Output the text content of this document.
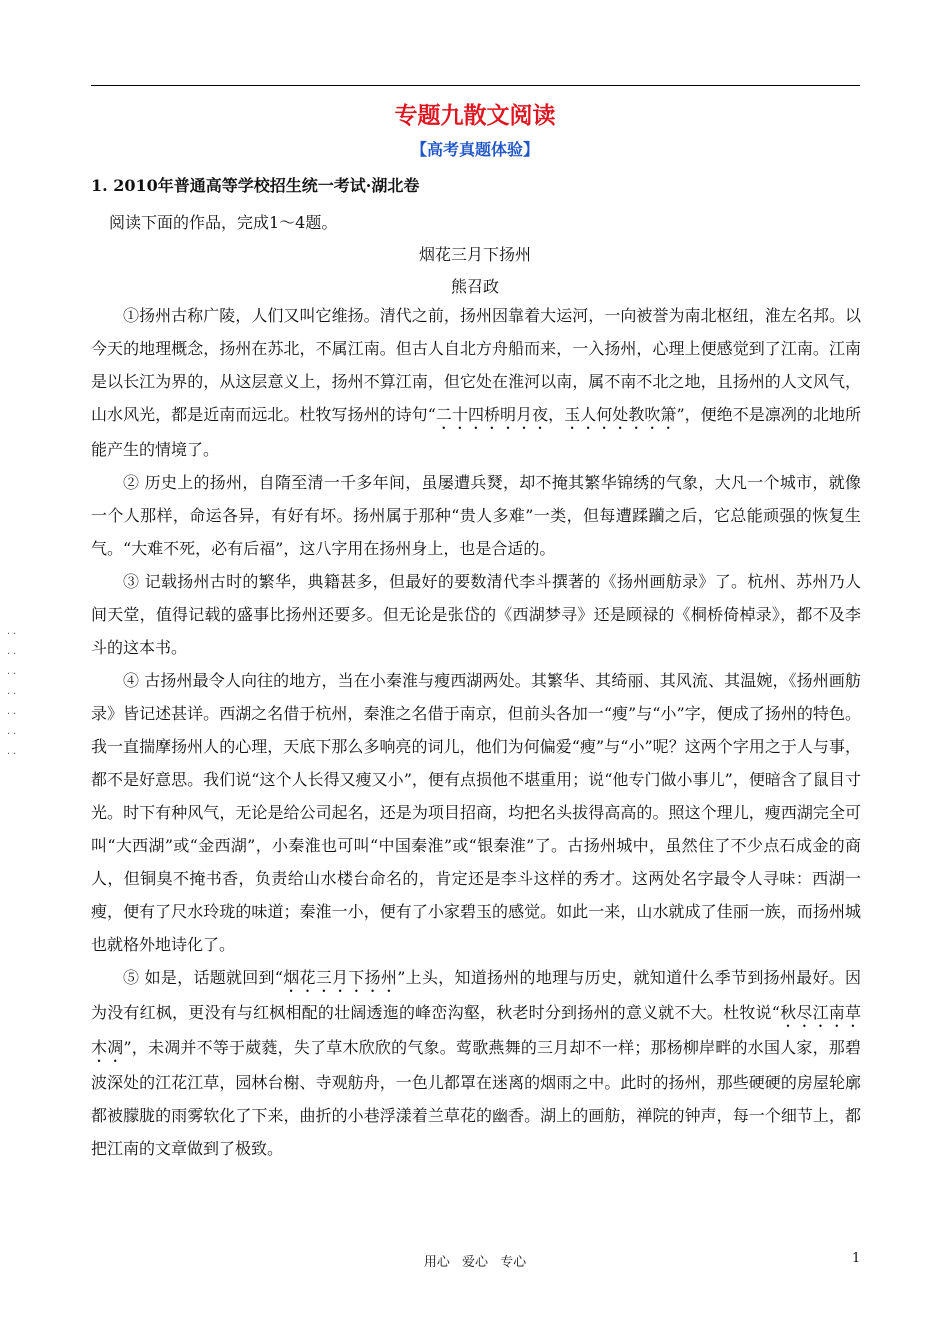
专题九散文阅读
【高考真题体验】
1. 2010年普通高等学校招生统一考试·湖北卷
阅读下面的作品，完成1～4题。
烟花三月下扬州
熊召政
··
··
··
··
··
··
··

①扬州古称广陵，人们又叫它维扬。清代之前，扬州因靠着大运河，一向被誉为南北枢纽，淮左名邦。以今天的地理概念，扬州在苏北，不属江南。但古人自北方舟船而来，一入扬州，心理上便感觉到了江南。江南是以长江为界的，从这层意义上，扬州不算江南，但它处在淮河以南，属不南不北之地，且扬州的人文风气，山水风光，都是近南而远北。杜牧写扬州的诗句“二十四桥明月夜，玉人何处教吹箫”，便绝不是凛冽的北地所能产生的情境了。

② 历史上的扬州，自隋至清一千多年间，虽屡遭兵燹，却不掩其繁华锦绣的气象，大凡一个城市，就像一个人那样，命运各异，有好有坏。扬州属于那种“贵人多难”一类，但每遭蹂躏之后，它总能顽强的恢复生气。“大难不死，必有后福”，这八字用在扬州身上，也是合适的。

③ 记载扬州古时的繁华，典籍甚多，但最好的要数清代李斗撰著的《扬州画舫录》了。杭州、苏州乃人间天堂，值得记载的盛事比扬州还要多。但无论是张岱的《西湖梦寻》还是顾禄的《桐桥倚棹录》，都不及李斗的这本书。

④ 古扬州最令人向往的地方，当在小秦淮与瘦西湖两处。其繁华、其绮丽、其风流、其温婉，《扬州画舫录》皆记述甚详。西湖之名借于杭州，秦淮之名借于南京，但前头各加一“瘦”与“小”字，便成了扬州的特色。我一直揣摩扬州人的心理，天底下那么多响亮的词儿，他们为何偏爱“瘦”与“小”呢？这两个字用之于人与事，都不是好意思。我们说“这个人长得又瘦又小”，便有点损他不堪重用；说“他专门做小事儿”，便暗含了鼠目寸光。时下有种风气，无论是给公司起名，还是为项目招商，均把名头拔得高高的。照这个理儿，瘦西湖完全可叫“大西湖”或“金西湖”，小秦淮也可叫“中国秦淮”或“银秦淮”了。古扬州城中，虽然住了不少点石成金的商人，但铜臭不掩书香，负责给山水楼台命名的，肯定还是李斗这样的秀才。这两处名字最令人寻味：西湖一瘦，便有了尺水玲珑的味道；秦淮一小，便有了小家碧玉的感觉。如此一来，山水就成了佳丽一族，而扬州城也就格外地诗化了。

⑤ 如是，话题就回到“烟花三月下扬州”上头，知道扬州的地理与历史，就知道什么季节到扬州最好。因为没有红枫，更没有与红枫相配的壮阔透迤的峰峦沟壑，秋老时分到扬州的意义就不大。杜牧说“秋尽江南草木凋”，未凋并不等于葳蕤，失了草木欣欣的气象。莺歌燕舞的三月却不一样；那杨柳岸畔的水国人家，那碧波深处的江花江草，园林台榭、寺观舫舟，一色儿都罩在迷离的烟雨之中。此时的扬州，那些硬硬的房屋轮廓都被朦胧的雨雾软化了下来，曲折的小巷浮漾着兰草花的幽香。湖上的画舫，禅院的钟声，每一个细节上，都把江南的文章做到了极致。

用心 爱心 专心	1
